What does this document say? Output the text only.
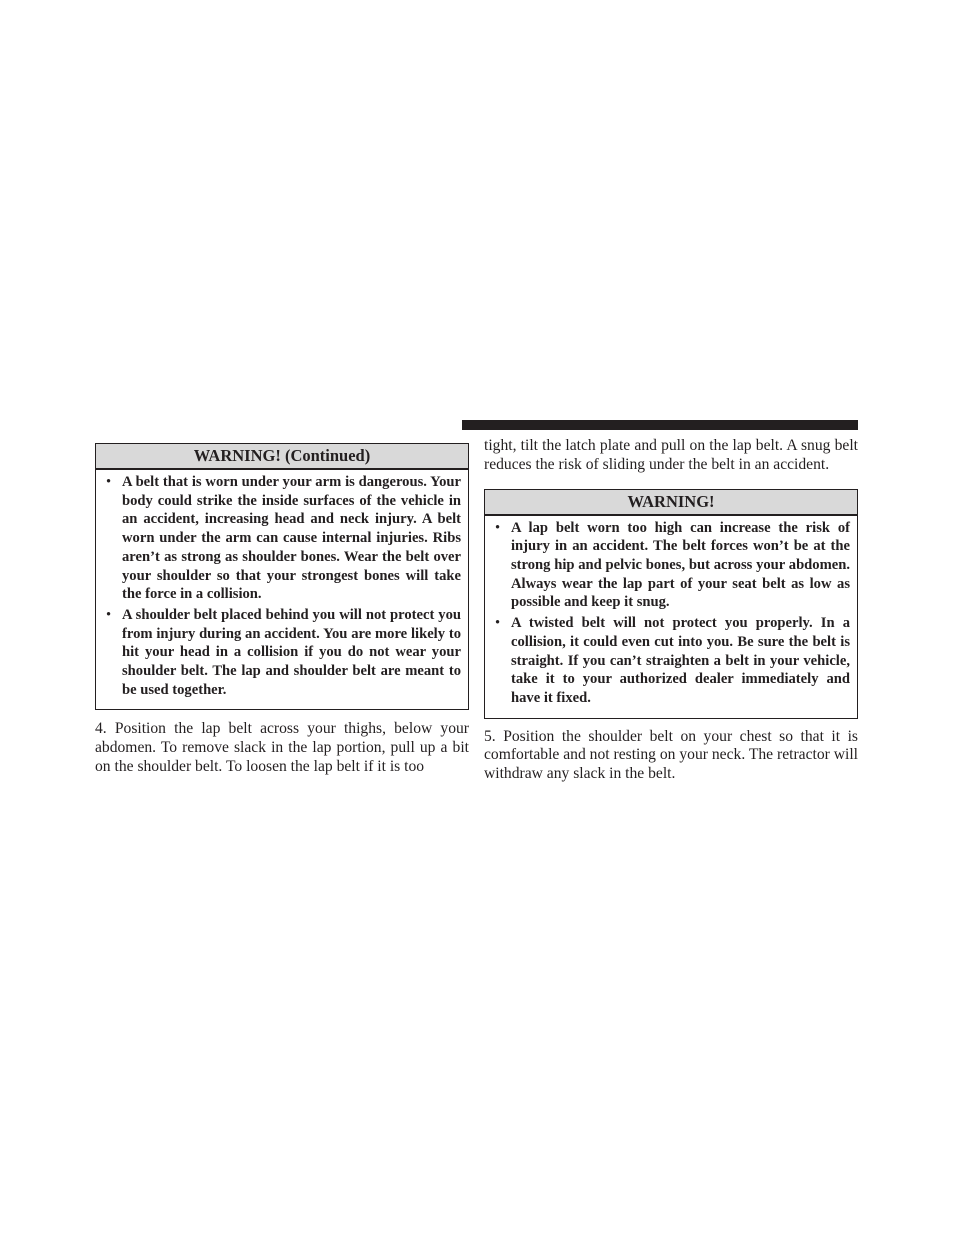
WARNING! (Continued)
• A belt that is worn under your arm is dangerous. Your body could strike the inside surfaces of the vehicle in an accident, increasing head and neck injury. A belt worn under the arm can cause internal injuries. Ribs aren’t as strong as shoulder bones. Wear the belt over your shoulder so that your strongest bones will take the force in a collision.
• A shoulder belt placed behind you will not protect you from injury during an accident. You are more likely to hit your head in a collision if you do not wear your shoulder belt. The lap and shoulder belt are meant to be used together.

4. Position the lap belt across your thighs, below your abdomen. To remove slack in the lap portion, pull up a bit on the shoulder belt. To loosen the lap belt if it is too

tight, tilt the latch plate and pull on the lap belt. A snug belt reduces the risk of sliding under the belt in an accident.

WARNING!
• A lap belt worn too high can increase the risk of injury in an accident. The belt forces won’t be at the strong hip and pelvic bones, but across your abdomen. Always wear the lap part of your seat belt as low as possible and keep it snug.
• A twisted belt will not protect you properly. In a collision, it could even cut into you. Be sure the belt is straight. If you can’t straighten a belt in your vehicle, take it to your authorized dealer immediately and have it fixed.

5. Position the shoulder belt on your chest so that it is comfortable and not resting on your neck. The retractor will withdraw any slack in the belt.
